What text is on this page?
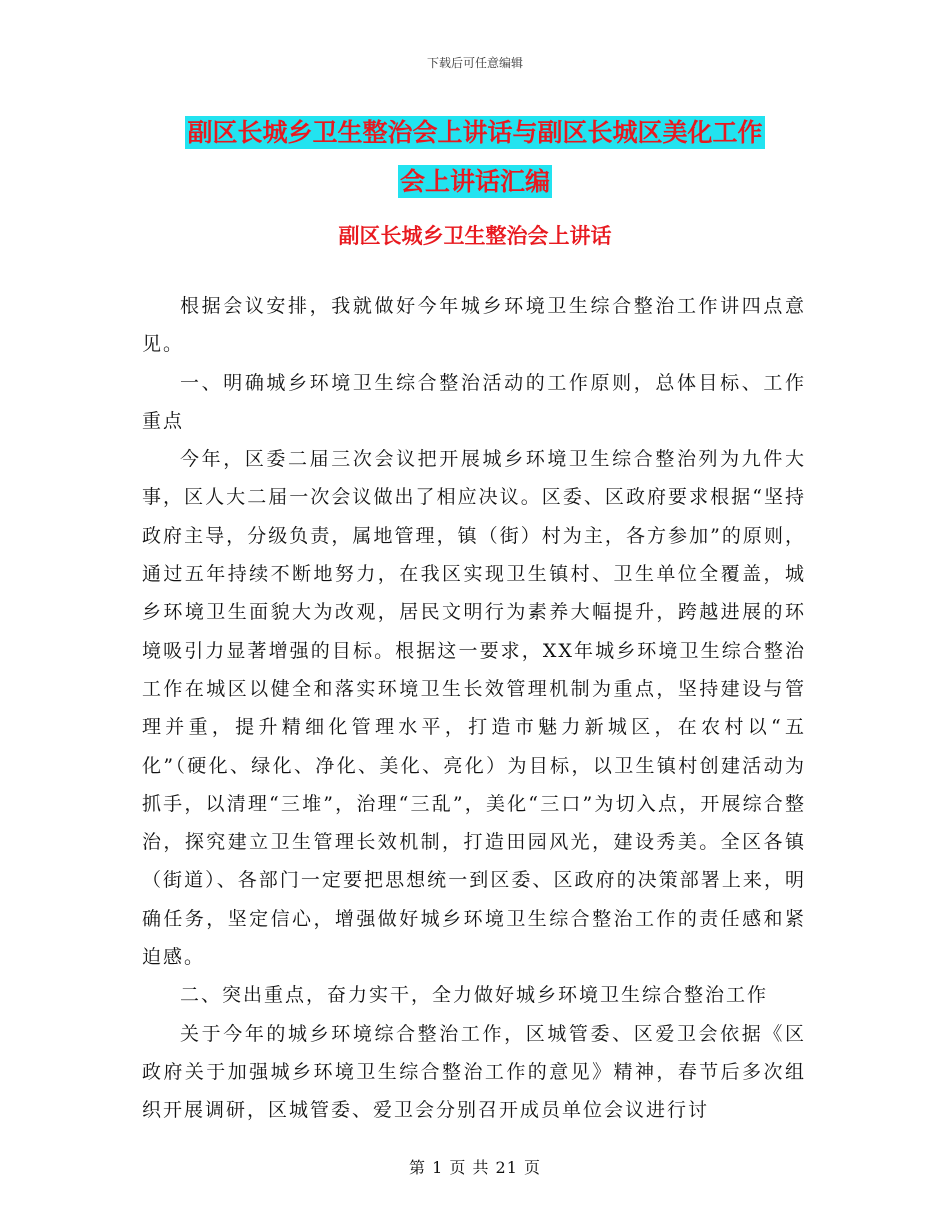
下载后可任意编辑
副区长城乡卫生整治会上讲话与副区长城区美化工作
会上讲话汇编
副区长城乡卫生整治会上讲话

根据会议安排，我就做好今年城乡环境卫生综合整治工作讲四点意见。

一、明确城乡环境卫生综合整治活动的工作原则，总体目标、工作重点

今年，区委二届三次会议把开展城乡环境卫生综合整治列为九件大事，区人大二届一次会议做出了相应决议。区委、区政府要求根据“坚持政府主导，分级负责，属地管理，镇（街）村为主，各方参加”的原则，通过五年持续不断地努力，在我区实现卫生镇村、卫生单位全覆盖，城乡环境卫生面貌大为改观，居民文明行为素养大幅提升，跨越进展的环境吸引力显著增强的目标。根据这一要求，XX年城乡环境卫生综合整治工作在城区以健全和落实环境卫生长效管理机制为重点，坚持建设与管理并重，提升精细化管理水平，打造市魅力新城区，在农村以“五化”（硬化、绿化、净化、美化、亮化）为目标，以卫生镇村创建活动为抓手，以清理“三堆”，治理“三乱”，美化“三口”为切入点，开展综合整治，探究建立卫生管理长效机制，打造田园风光，建设秀美。全区各镇（街道）、各部门一定要把思想统一到区委、区政府的决策部署上来，明确任务，坚定信心，增强做好城乡环境卫生综合整治工作的责任感和紧迫感。

二、突出重点，奋力实干，全力做好城乡环境卫生综合整治工作

关于今年的城乡环境综合整治工作，区城管委、区爱卫会依据《区政府关于加强城乡环境卫生综合整治工作的意见》精神，春节后多次组织开展调研，区城管委、爱卫会分别召开成员单位会议进行讨

第 1 页 共 21 页
